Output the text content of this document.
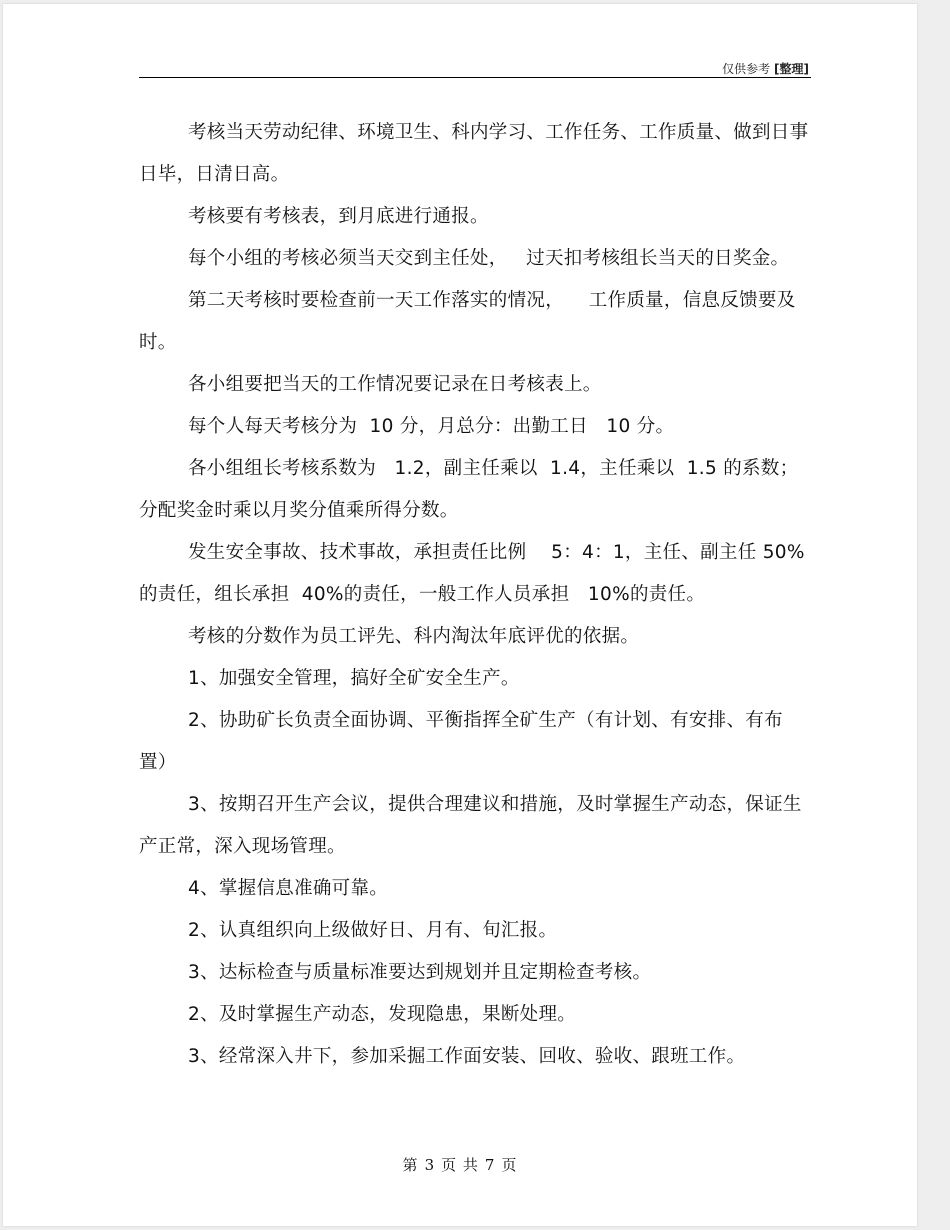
仅供参考 [整理]

考核当天劳动纪律、环境卫生、科内学习、工作任务、工作质量、做到日事日毕，日清日高。

考核要有考核表，到月底进行通报。

每个小组的考核必须当天交到主任处，   过天扣考核组长当天的日奖金。

第二天考核时要检查前一天工作落实的情况，    工作质量，信息反馈要及时。

各小组要把当天的工作情况要记录在日考核表上。

每个人每天考核分为  10 分，月总分：出勤工日   10 分。

各小组组长考核系数为   1.2，副主任乘以  1.4，主任乘以  1.5 的系数；分配奖金时乘以月奖分值乘所得分数。

发生安全事故、技术事故，承担责任比例    5：4：1，主任、副主任 50%的责任，组长承担  40%的责任，一般工作人员承担   10%的责任。

考核的分数作为员工评先、科内淘汰年底评优的依据。

1、加强安全管理，搞好全矿安全生产。

2、协助矿长负责全面协调、平衡指挥全矿生产（有计划、有安排、有布置）

3、按期召开生产会议，提供合理建议和措施，及时掌握生产动态，保证生产正常，深入现场管理。

4、掌握信息准确可靠。

2、认真组织向上级做好日、月有、旬汇报。

3、达标检查与质量标准要达到规划并且定期检查考核。

2、及时掌握生产动态，发现隐患，果断处理。

3、经常深入井下，参加采掘工作面安装、回收、验收、跟班工作。

第 3 页 共 7 页
